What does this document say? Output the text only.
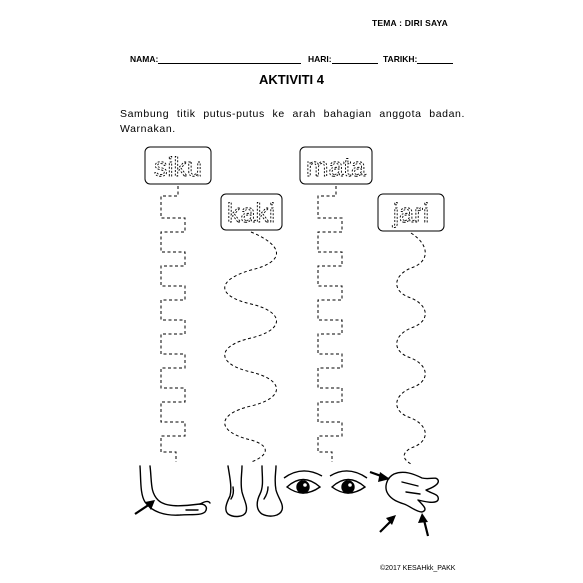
TEMA : DIRI SAYA
NAMA:	HARI:	TARIKH:
AKTIVITI 4
Sambung titik putus-putus ke arah bahagian anggota badan. Warnakan.
siku
kaki
mata
jari
©2017 KESAHkk_PAKK
